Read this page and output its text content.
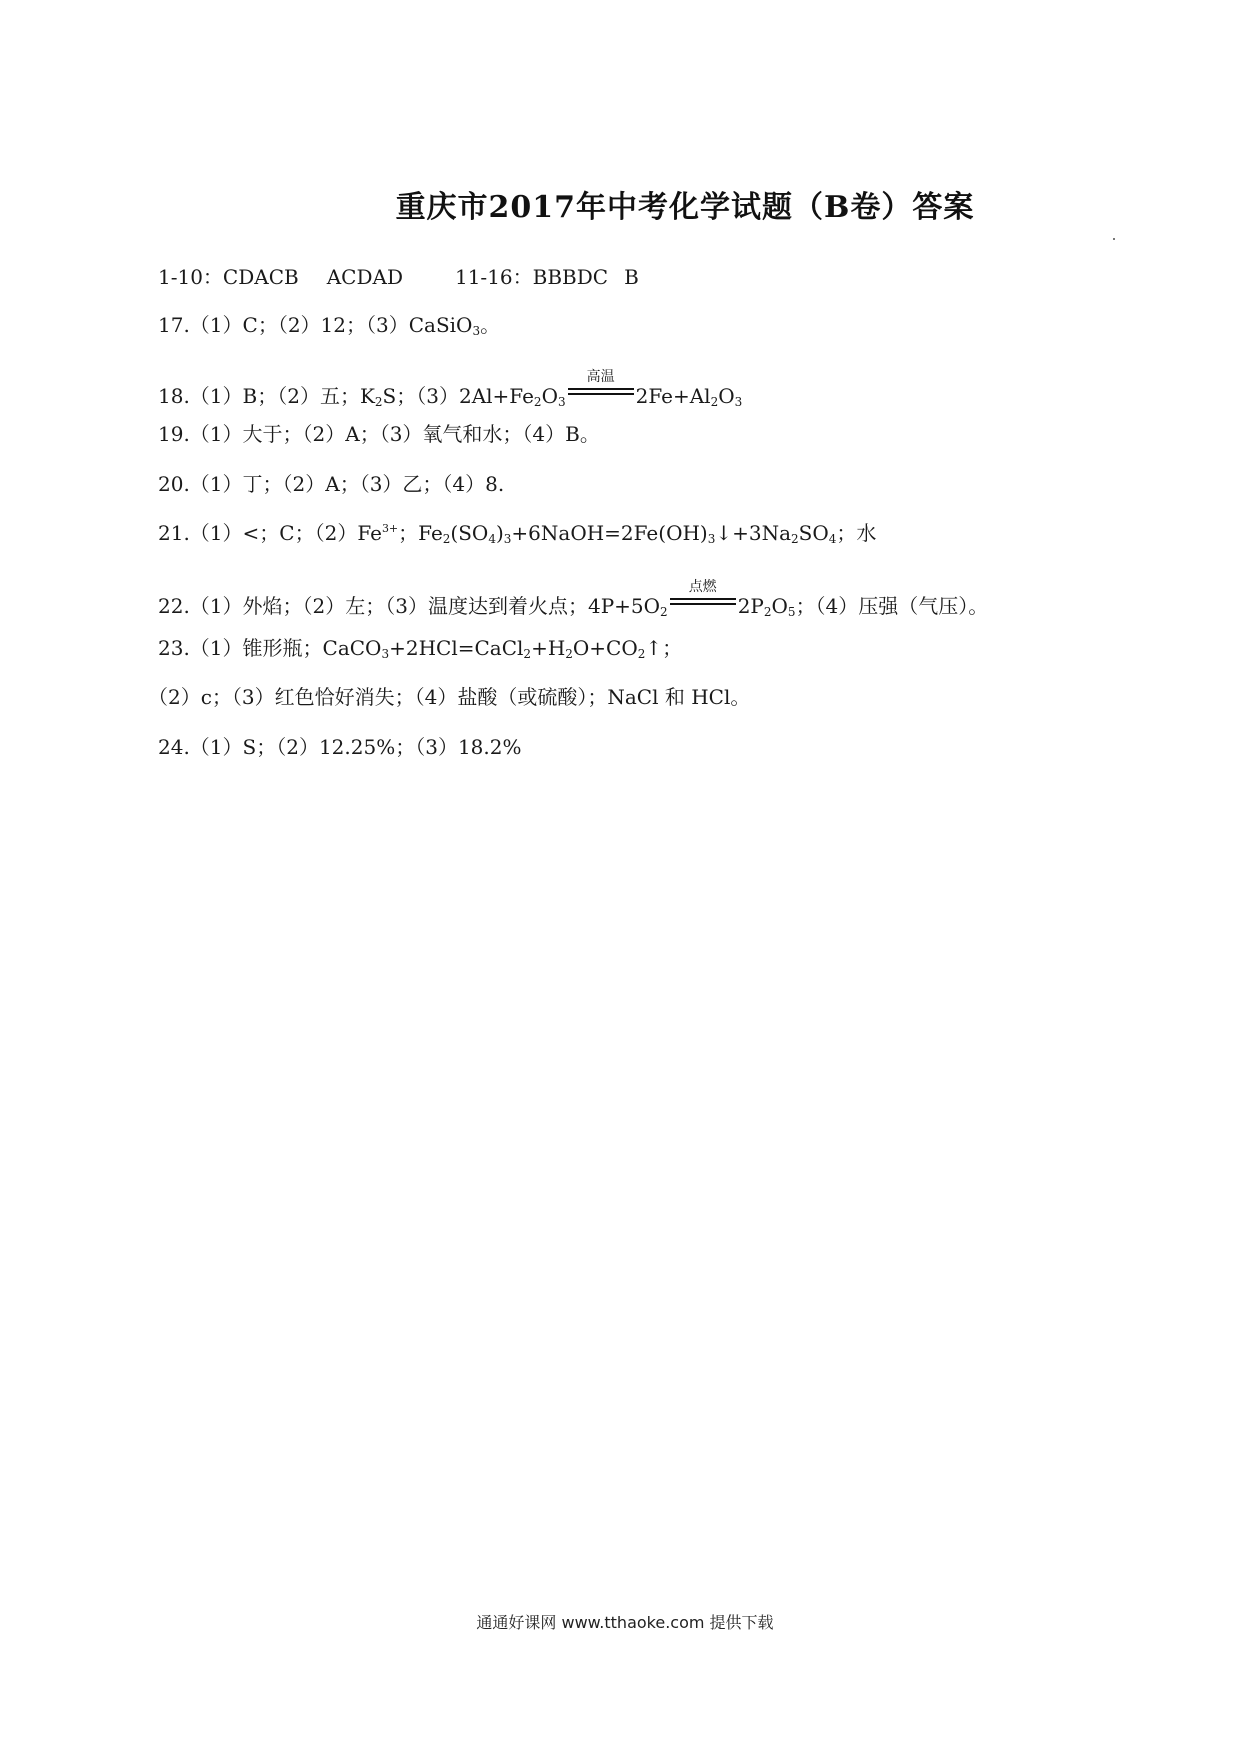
重庆市2017年中考化学试题（B卷）答案
1-10：CDACB ACDAD	11-16：BBBDC B
17.（1）C；（2）12；（3）CaSiO$_3$。
18.（1）B；（2）五；$K_2S$；$(3)2Al+Fe_2O_3$
高温
$2Fe+Al_2O_3$
19.（1）大于；（2）A；（3）氧气和水；（4）B。
20.（1）丁；（2）A；（3）乙；（4）8.
21.（1）<；C；$(2)Fe^{3+}$；$Fe_2(SO_4)_3+6NaOH=2Fe(OH)_3↓+3Na_2SO_4$；水
22.（1）外焰；（2）左；（3）温度达到着火点；$4P+5O_2$
点燃
$2P_2O_5$；（4）压强（气压）。
23.（1）锥形瓶；$CaCO_3+2HCl=CaCl_2+H_2O+CO_2↑$；
（2）c；（3）红色恰好消失；（4）盐酸（或硫酸）；NaCl 和 HCl。
24.（1）S；（2）12.25%；（3）18.2%
通通好课网 www.tthaoke.com 提供下载
